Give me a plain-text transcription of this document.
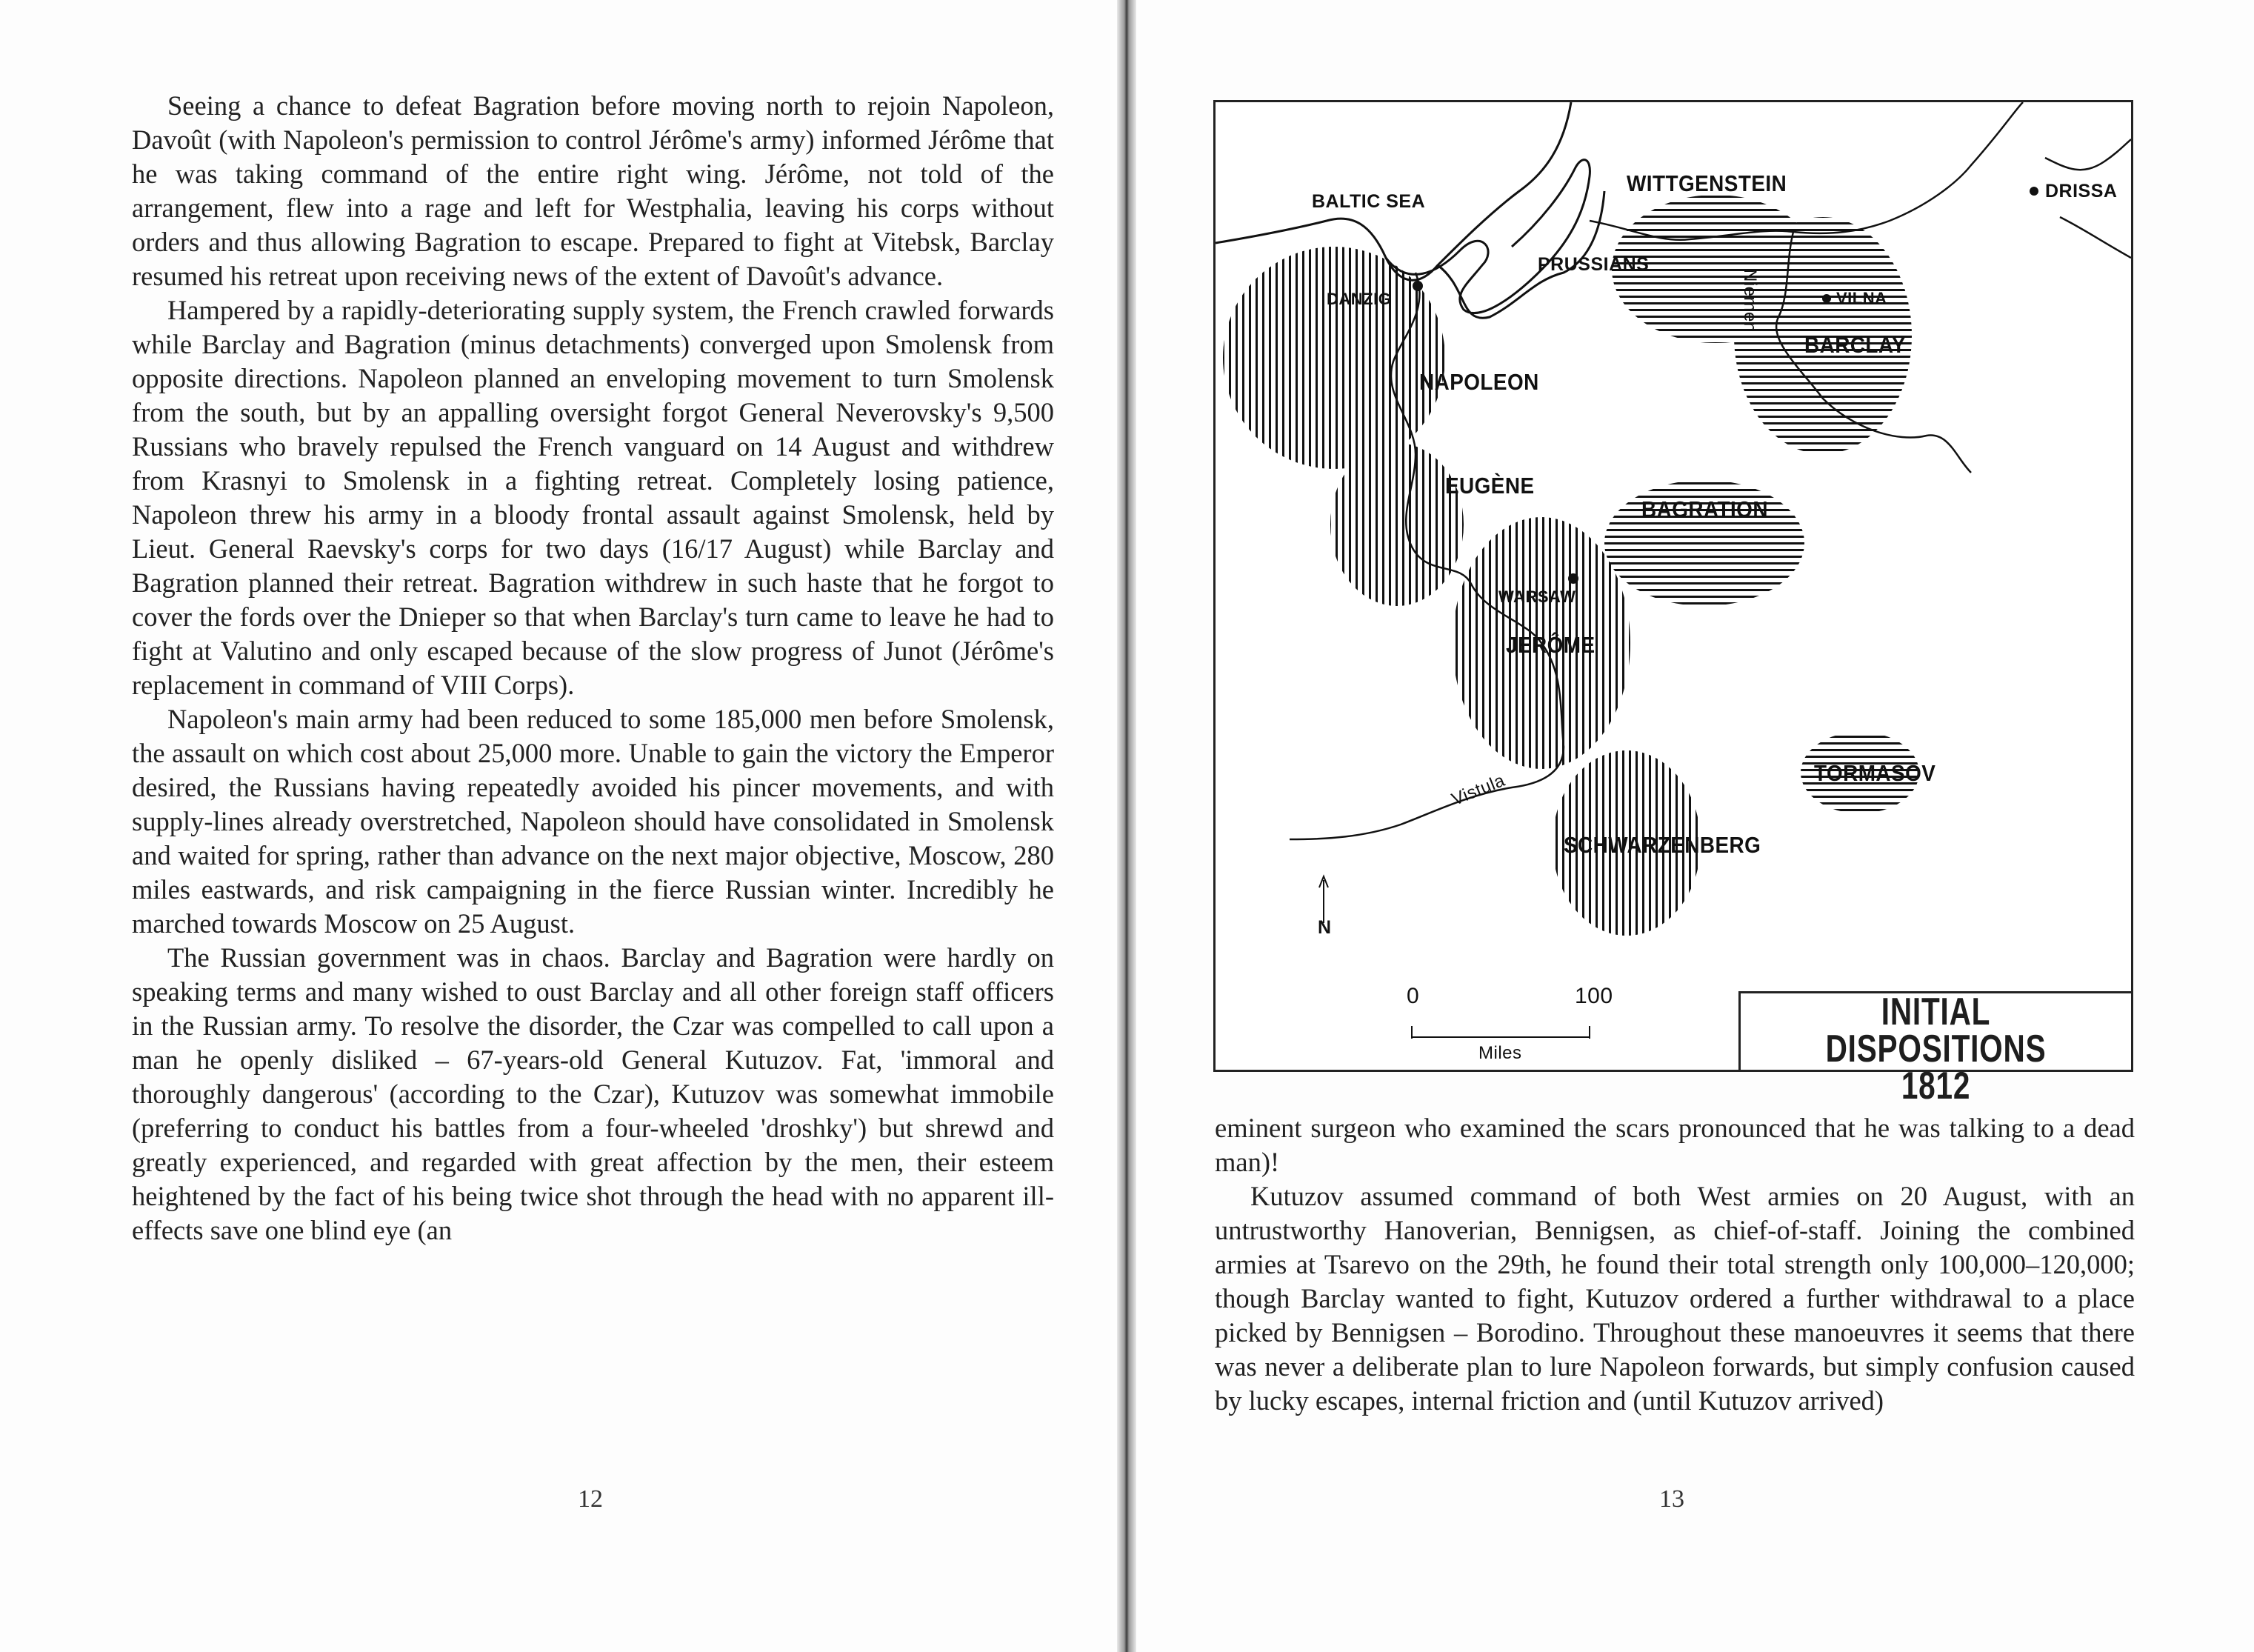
Seeing a chance to defeat Bagration before moving north to rejoin Napoleon, Davoût (with Napoleon's permission to control Jérôme's army) informed Jérôme that he was taking command of the entire right wing. Jérôme, not told of the arrangement, flew into a rage and left for Westphalia, leaving his corps without orders and thus allowing Bagration to escape. Prepared to fight at Vitebsk, Barclay resumed his retreat upon receiving news of the extent of Davoût's advance.

Hampered by a rapidly-deteriorating supply system, the French crawled forwards while Barclay and Bagration (minus detachments) converged upon Smolensk from opposite directions. Napoleon planned an enveloping movement to turn Smolensk from the south, but by an appalling oversight forgot General Neverovsky's 9,500 Russians who bravely repulsed the French vanguard on 14 August and withdrew from Krasnyi to Smolensk in a fighting retreat. Completely losing patience, Napoleon threw his army in a bloody frontal assault against Smolensk, held by Lieut. General Raevsky's corps for two days (16/17 August) while Barclay and Bagration planned their retreat. Bagration withdrew in such haste that he forgot to cover the fords over the Dnieper so that when Barclay's turn came to leave he had to fight at Valutino and only escaped because of the slow progress of Junot (Jérôme's replacement in command of VIII Corps).

Napoleon's main army had been reduced to some 185,000 men before Smolensk, the assault on which cost about 25,000 more. Unable to gain the victory the Emperor desired, the Russians having repeatedly avoided his pincer movements, and with supply-lines already overstretched, Napoleon should have consolidated in Smolensk and waited for spring, rather than advance on the next major objective, Moscow, 280 miles eastwards, and risk campaigning in the fierce Russian winter. Incredibly he marched towards Moscow on 25 August.

The Russian government was in chaos. Barclay and Bagration were hardly on speaking terms and many wished to oust Barclay and all other foreign staff officers in the Russian army. To resolve the disorder, the Czar was compelled to call upon a man he openly disliked – 67-years-old General Kutuzov. Fat, 'immoral and thoroughly dangerous' (according to the Czar), Kutuzov was somewhat immobile (preferring to conduct his battles from a four-wheeled 'droshky') but shrewd and greatly experienced, and regarded with great affection by the men, their esteem heightened by the fact of his being twice shot through the head with no apparent ill-effects save one blind eye (an

12
BALTIC SEA
DANZIG
PRUSSIANS
NAPOLEON
EUGÈNE
WARSAW
JERÔME
SCHWARZENBERG
WITTGENSTEIN
VILNA
BARCLAY
BAGRATION
TORMASOV
DRISSA
Niemen
Vistula
N
0	100
Miles
INITIAL DISPOSITIONS
1812

eminent surgeon who examined the scars pronounced that he was talking to a dead man)!

Kutuzov assumed command of both West armies on 20 August, with an untrustworthy Hanoverian, Bennigsen, as chief-of-staff. Joining the combined armies at Tsarevo on the 29th, he found their total strength only 100,000–120,000; though Barclay wanted to fight, Kutuzov ordered a further withdrawal to a place picked by Bennigsen – Borodino. Throughout these manoeuvres it seems that there was never a deliberate plan to lure Napoleon forwards, but simply confusion caused by lucky escapes, internal friction and (until Kutuzov arrived)

13
